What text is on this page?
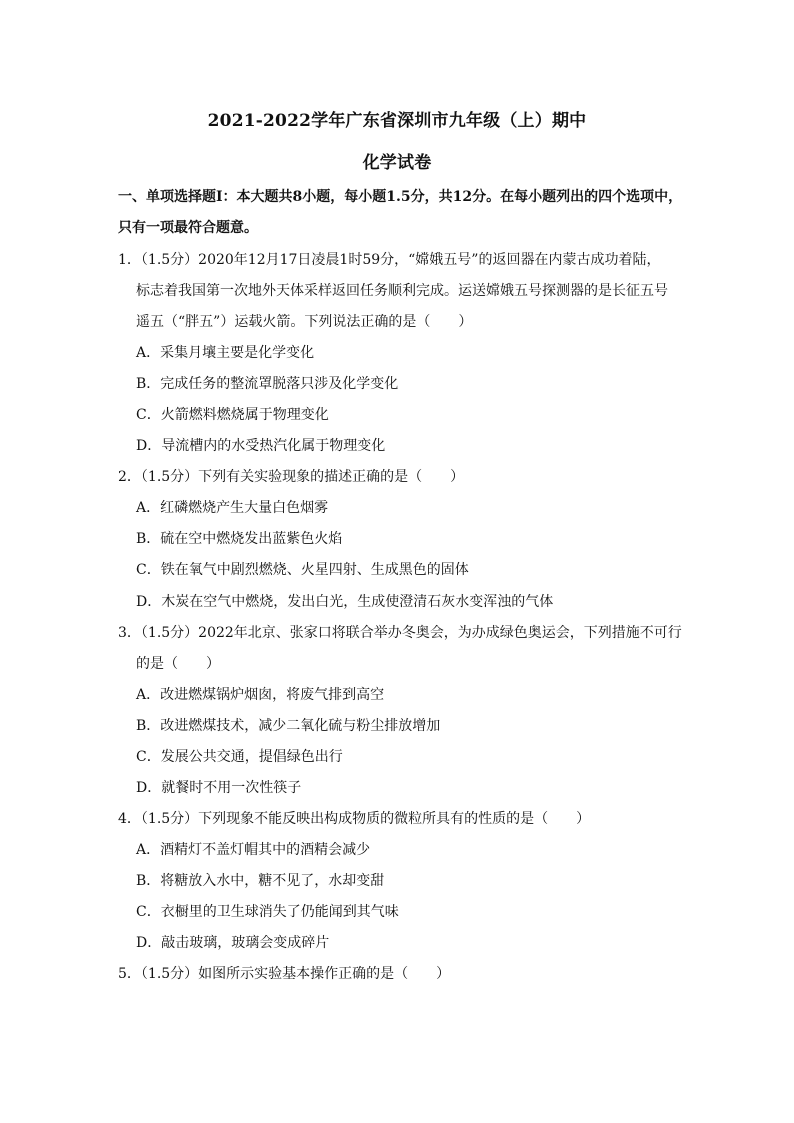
2021-2022学年广东省深圳市九年级（上）期中
化学试卷
一、单项选择题Ⅰ：本大题共8小题，每小题1.5分，共12分。在每小题列出的四个选项中，
只有一项最符合题意。
1．（1.5分）2020年12月17日凌晨1时59分，“嫦娥五号”的返回器在内蒙古成功着陆，
标志着我国第一次地外天体采样返回任务顺利完成。运送嫦娥五号探测器的是长征五号
遥五（“胖五”）运载火箭。下列说法正确的是（　　）
A．采集月壤主要是化学变化
B．完成任务的整流罩脱落只涉及化学变化
C．火箭燃料燃烧属于物理变化
D．导流槽内的水受热汽化属于物理变化
2．（1.5分）下列有关实验现象的描述正确的是（　　）
A．红磷燃烧产生大量白色烟雾
B．硫在空中燃烧发出蓝紫色火焰
C．铁在氧气中剧烈燃烧、火星四射、生成黑色的固体
D．木炭在空气中燃烧，发出白光，生成使澄清石灰水变浑浊的气体
3．（1.5分）2022年北京、张家口将联合举办冬奥会，为办成绿色奥运会，下列措施不可行
的是（　　）
A．改进燃煤锅炉烟囱，将废气排到高空
B．改进燃煤技术，减少二氧化硫与粉尘排放增加
C．发展公共交通，提倡绿色出行
D．就餐时不用一次性筷子
4．（1.5分）下列现象不能反映出构成物质的微粒所具有的性质的是（　　）
A．酒精灯不盖灯帽其中的酒精会减少
B．将糖放入水中，糖不见了，水却变甜
C．衣橱里的卫生球消失了仍能闻到其气味
D．敲击玻璃，玻璃会变成碎片
5．（1.5分）如图所示实验基本操作正确的是（　　）
